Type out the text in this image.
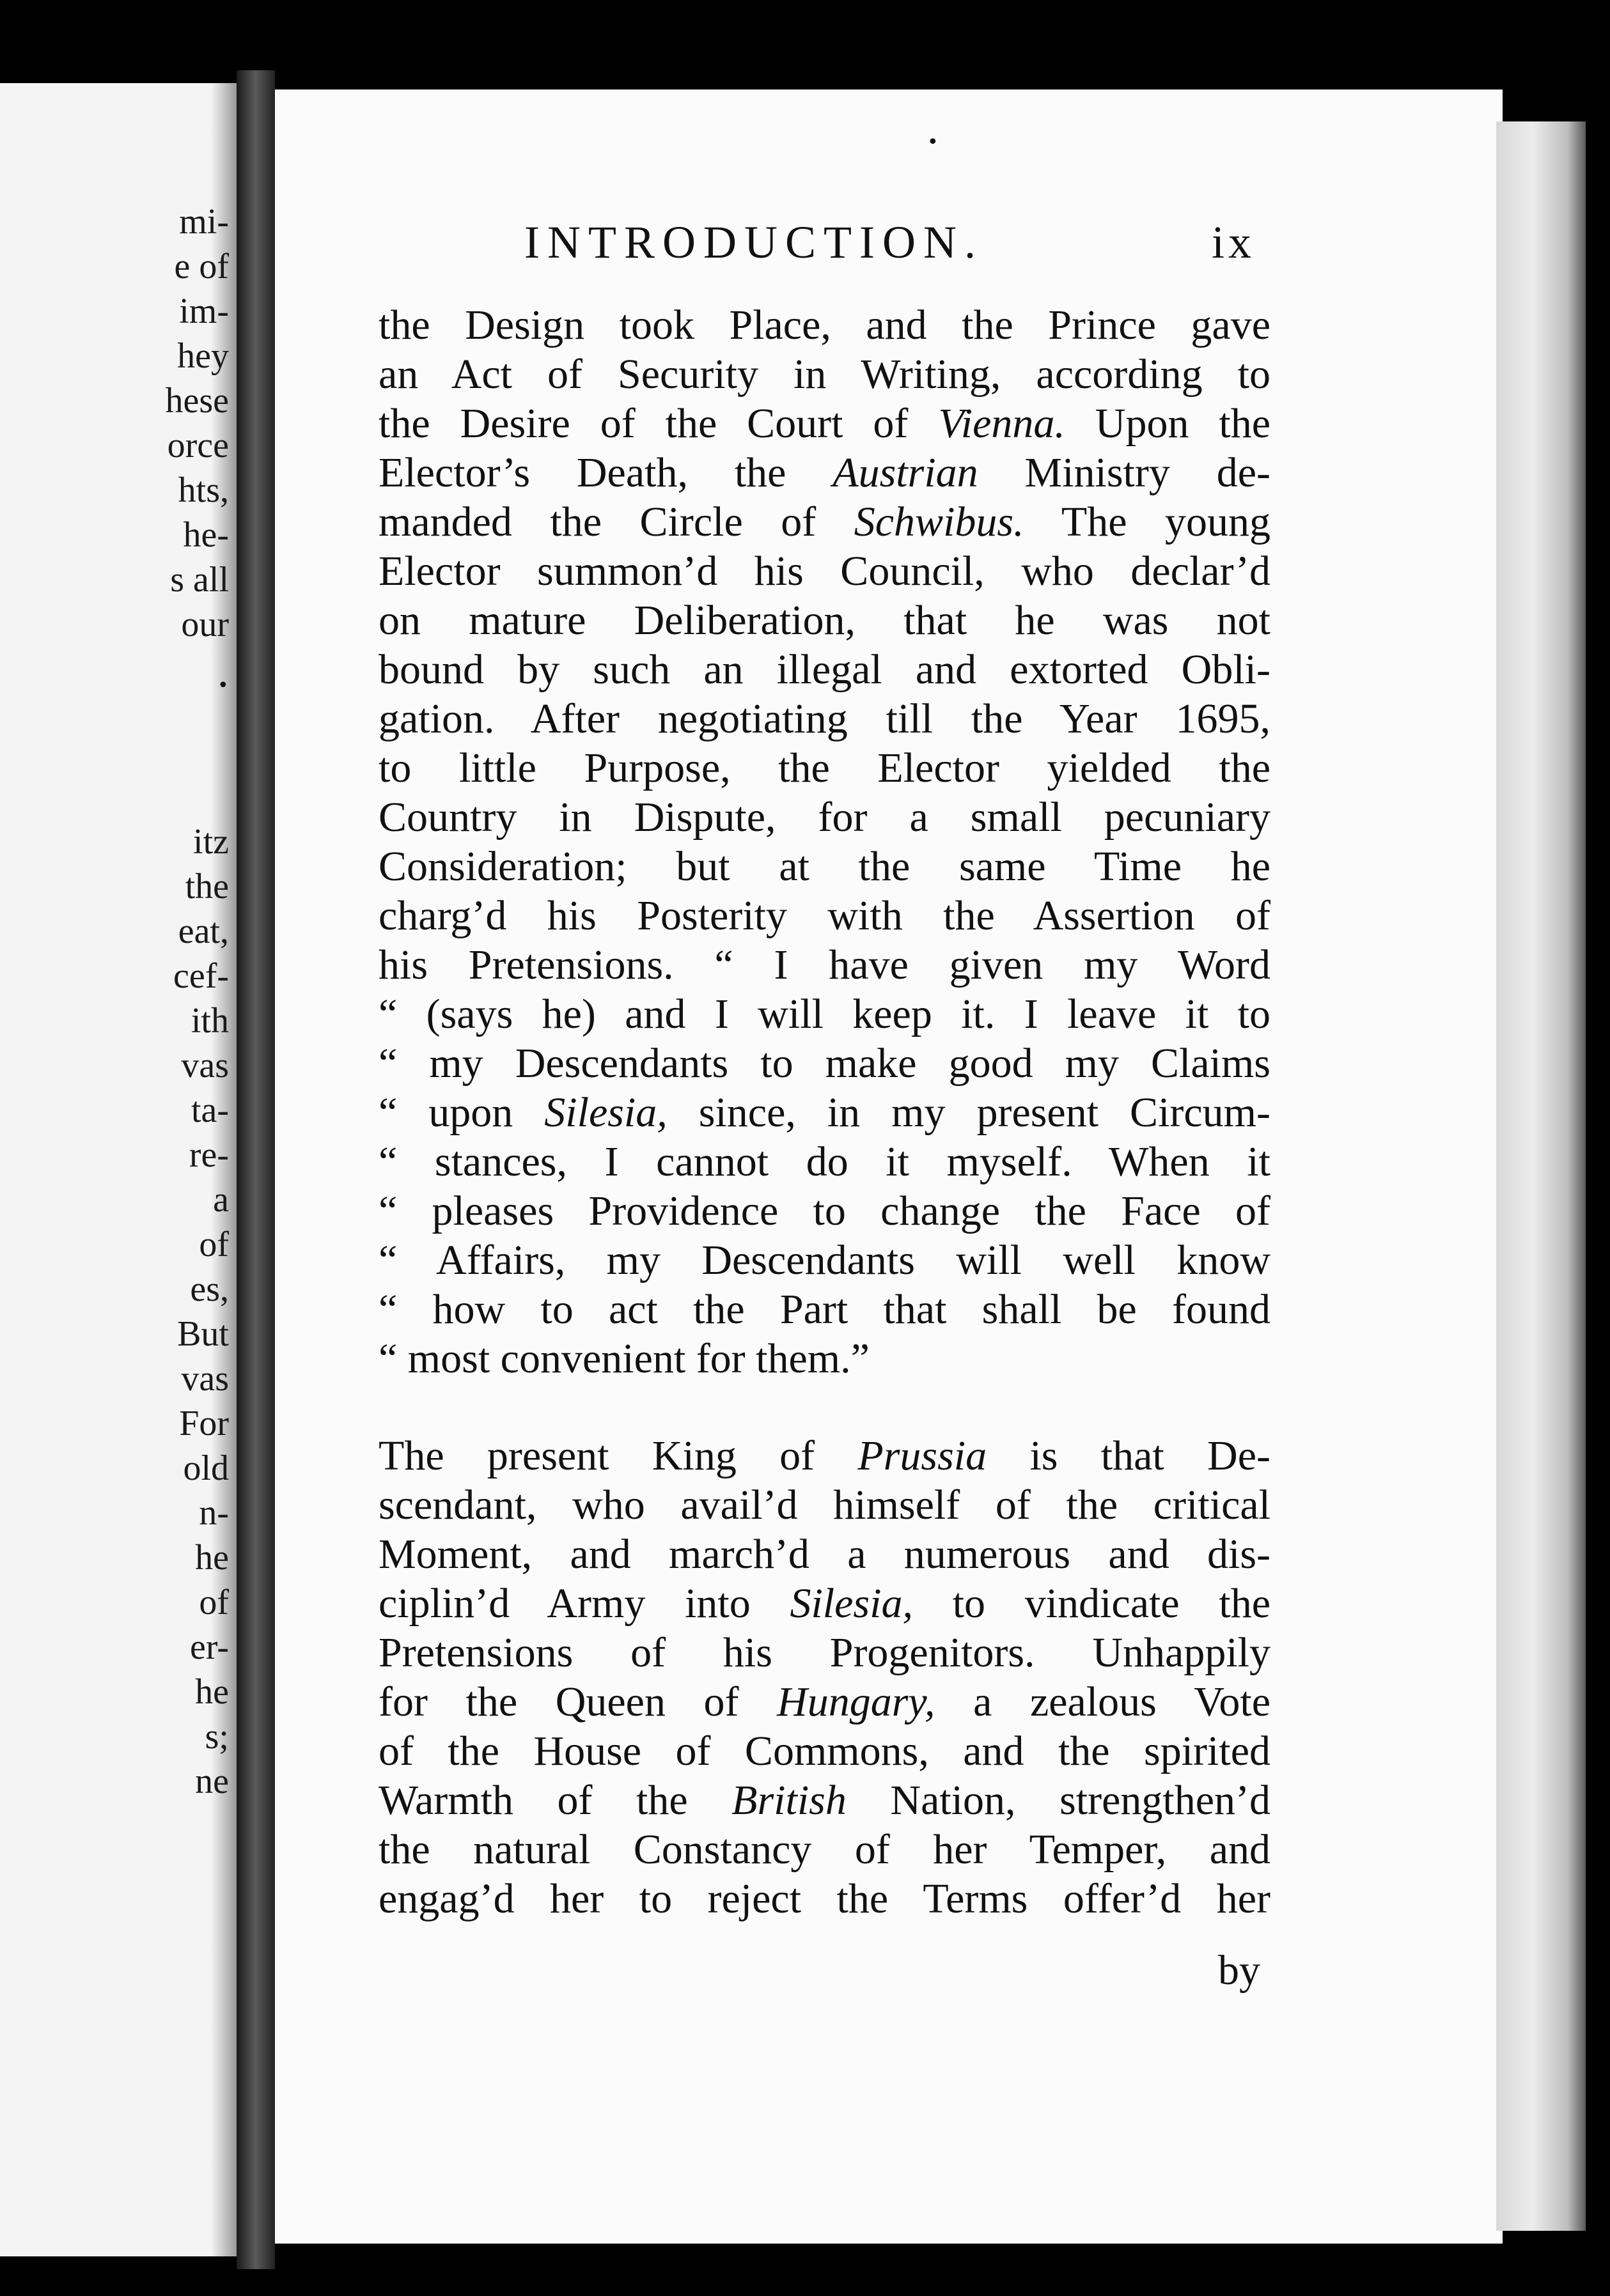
mi-
e of
im-
hey
hese
orce
hts,
he-
s all
our
itz
the
eat,
cef-
ith
vas
ta-
re-
a
of
es,
But
vas
For
old
n-
he
of
er-
he
s;
ne
•
•
INTRODUCTION.	ix
the Design took Place, and the Prince gave
an Act of Security in Writing, according to
the Desire of the Court of Vienna. Upon the
Elector’s Death, the Austrian Ministry de-
manded the Circle of Schwibus. The young
Elector summon’d his Council, who declar’d
on mature Deliberation, that he was not
bound by such an illegal and extorted Obli-
gation. After negotiating till the Year 1695,
to little Purpose, the Elector yielded the
Country in Dispute, for a small pecuniary
Consideration; but at the same Time he
charg’d his Posterity with the Assertion of
his Pretensions. “ I have given my Word
“ (says he) and I will keep it. I leave it to
“ my Descendants to make good my Claims
“ upon Silesia, since, in my present Circum-
“ stances, I cannot do it myself. When it
“ pleases Providence to change the Face of
“ Affairs, my Descendants will well know
“ how to act the Part that shall be found
“ most convenient for them.”
The present King of Prussia is that De-
scendant, who avail’d himself of the critical
Moment, and march’d a numerous and dis-
ciplin’d Army into Silesia, to vindicate the
Pretensions of his Progenitors. Unhappily
for the Queen of Hungary, a zealous Vote
of the House of Commons, and the spirited
Warmth of the British Nation, strengthen’d
the natural Constancy of her Temper, and
engag’d her to reject the Terms offer’d her
by
